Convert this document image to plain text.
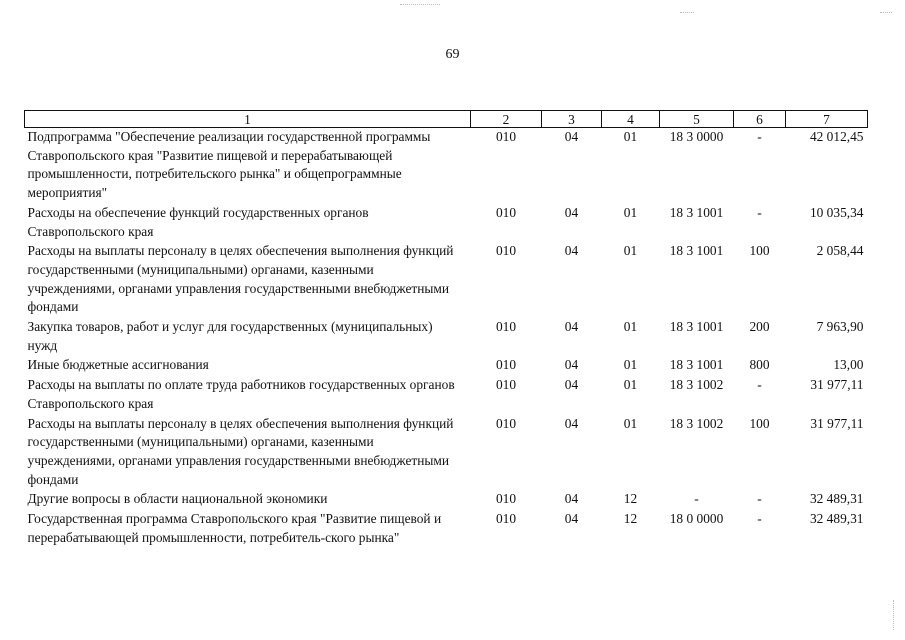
69
1	2	3	4	5	6	7
Подпрограмма "Обеспечение реализации государственной программы Ставропольского края "Развитие пищевой и перерабатывающей промышленности, потребительского рынка" и общепрограммные мероприятия"	010	04	01	18 3 0000	-	42 012,45
Расходы на обеспечение функций государственных органов Ставропольского края	010	04	01	18 3 1001	-	10 035,34
Расходы на выплаты персоналу в целях обеспечения выполнения функций государственными (муниципальными) органами, казенными учреждениями, органами управления государственными внебюджетными фондами	010	04	01	18 3 1001	100	2 058,44
Закупка товаров, работ и услуг для государственных (муниципальных) нужд	010	04	01	18 3 1001	200	7 963,90
Иные бюджетные ассигнования	010	04	01	18 3 1001	800	13,00
Расходы на выплаты по оплате труда работников государственных органов Ставропольского края	010	04	01	18 3 1002	-	31 977,11
Расходы на выплаты персоналу в целях обеспечения выполнения функций государственными (муниципальными) органами, казенными учреждениями, органами управления государственными внебюджетными фондами	010	04	01	18 3 1002	100	31 977,11
Другие вопросы в области национальной экономики	010	04	12	-	-	32 489,31
Государственная программа Ставропольского края "Развитие пищевой и перерабатывающей промышленности, потребитель-ского рынка"	010	04	12	18 0 0000	-	32 489,31
